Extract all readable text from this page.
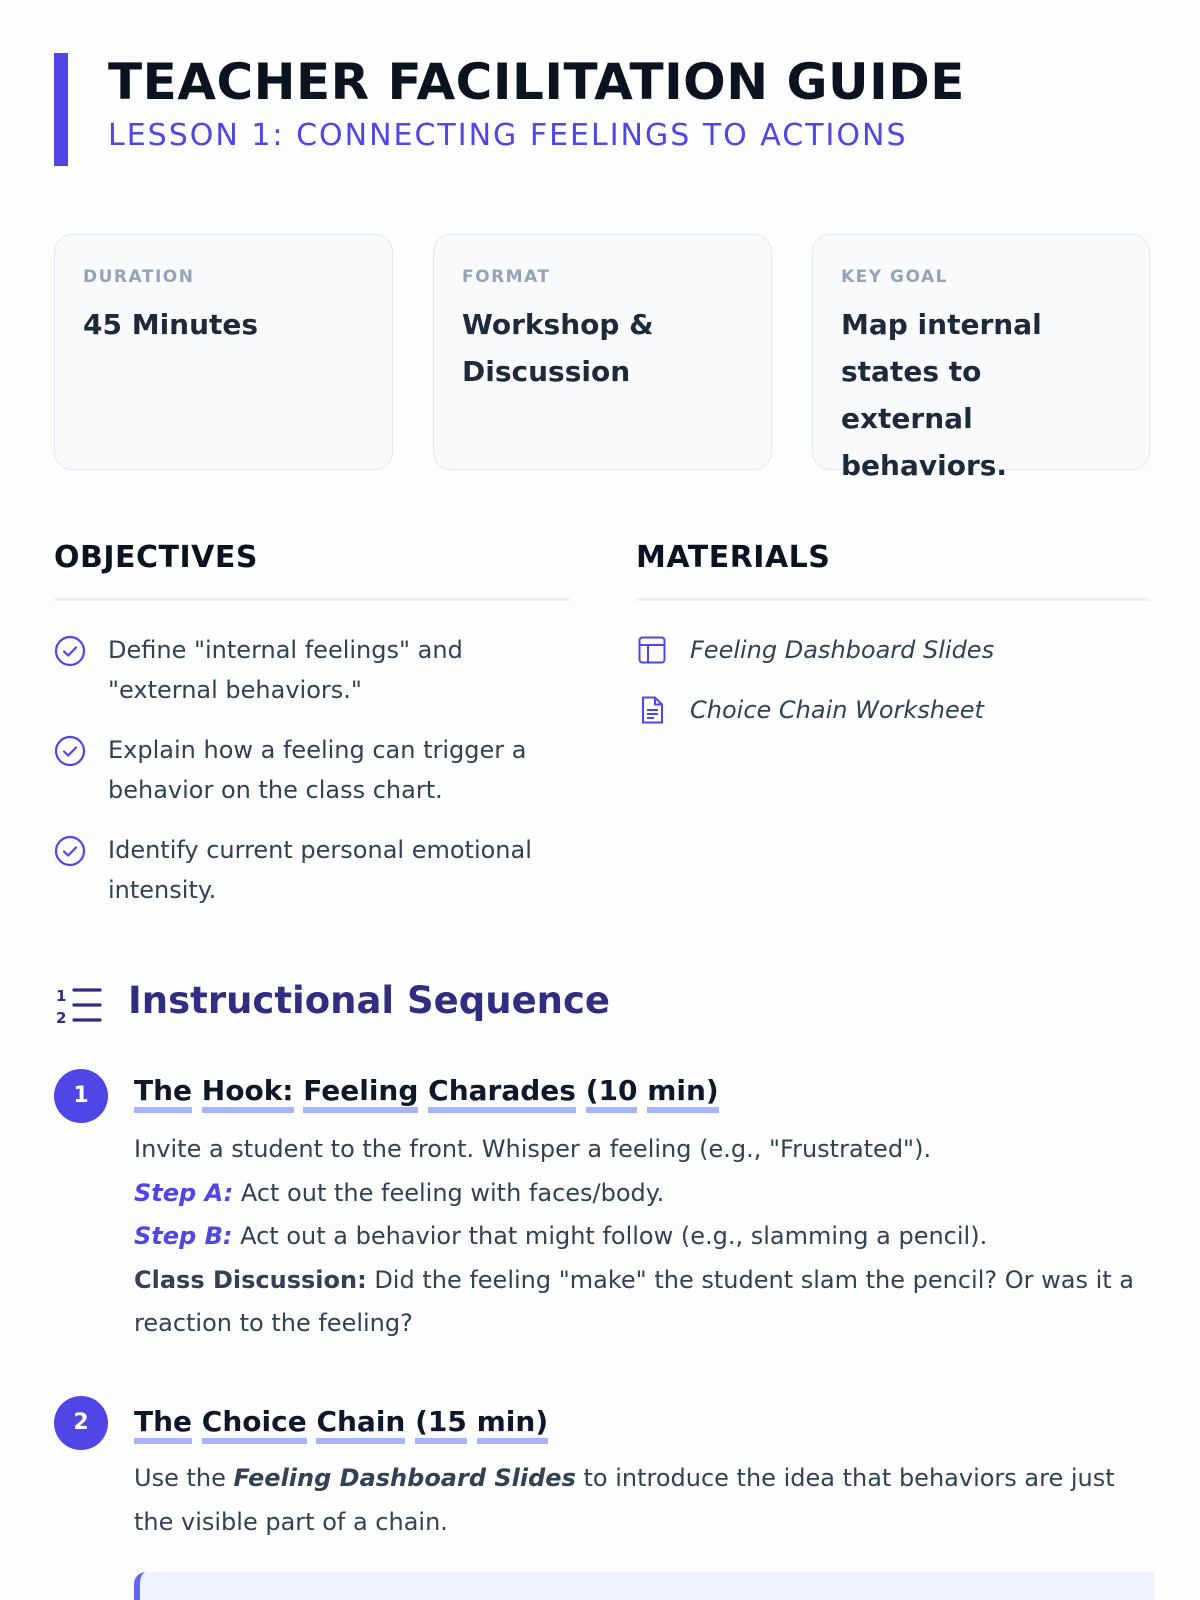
TEACHER FACILITATION GUIDE
LESSON 1: CONNECTING FEELINGS TO ACTIONS
DURATION
45 Minutes
FORMAT
Workshop & Discussion
KEY GOAL
Map internal states to external behaviors.
OBJECTIVES
Define "internal feelings" and "external behaviors."
Explain how a feeling can trigger a behavior on the class chart.
Identify current personal emotional intensity.
MATERIALS
Feeling Dashboard Slides
Choice Chain Worksheet
1
2 Instructional Sequence
1	The Hook: Feeling Charades (10 min)
Invite a student to the front. Whisper a feeling (e.g., "Frustrated").
Step A: Act out the feeling with faces/body.
Step B: Act out a behavior that might follow (e.g., slamming a pencil).
Class Discussion: Did the feeling "make" the student slam the pencil? Or was it a reaction to the feeling?
2	The Choice Chain (15 min)
Use the Feeling Dashboard Slides to introduce the idea that behaviors are just the visible part of a chain.
